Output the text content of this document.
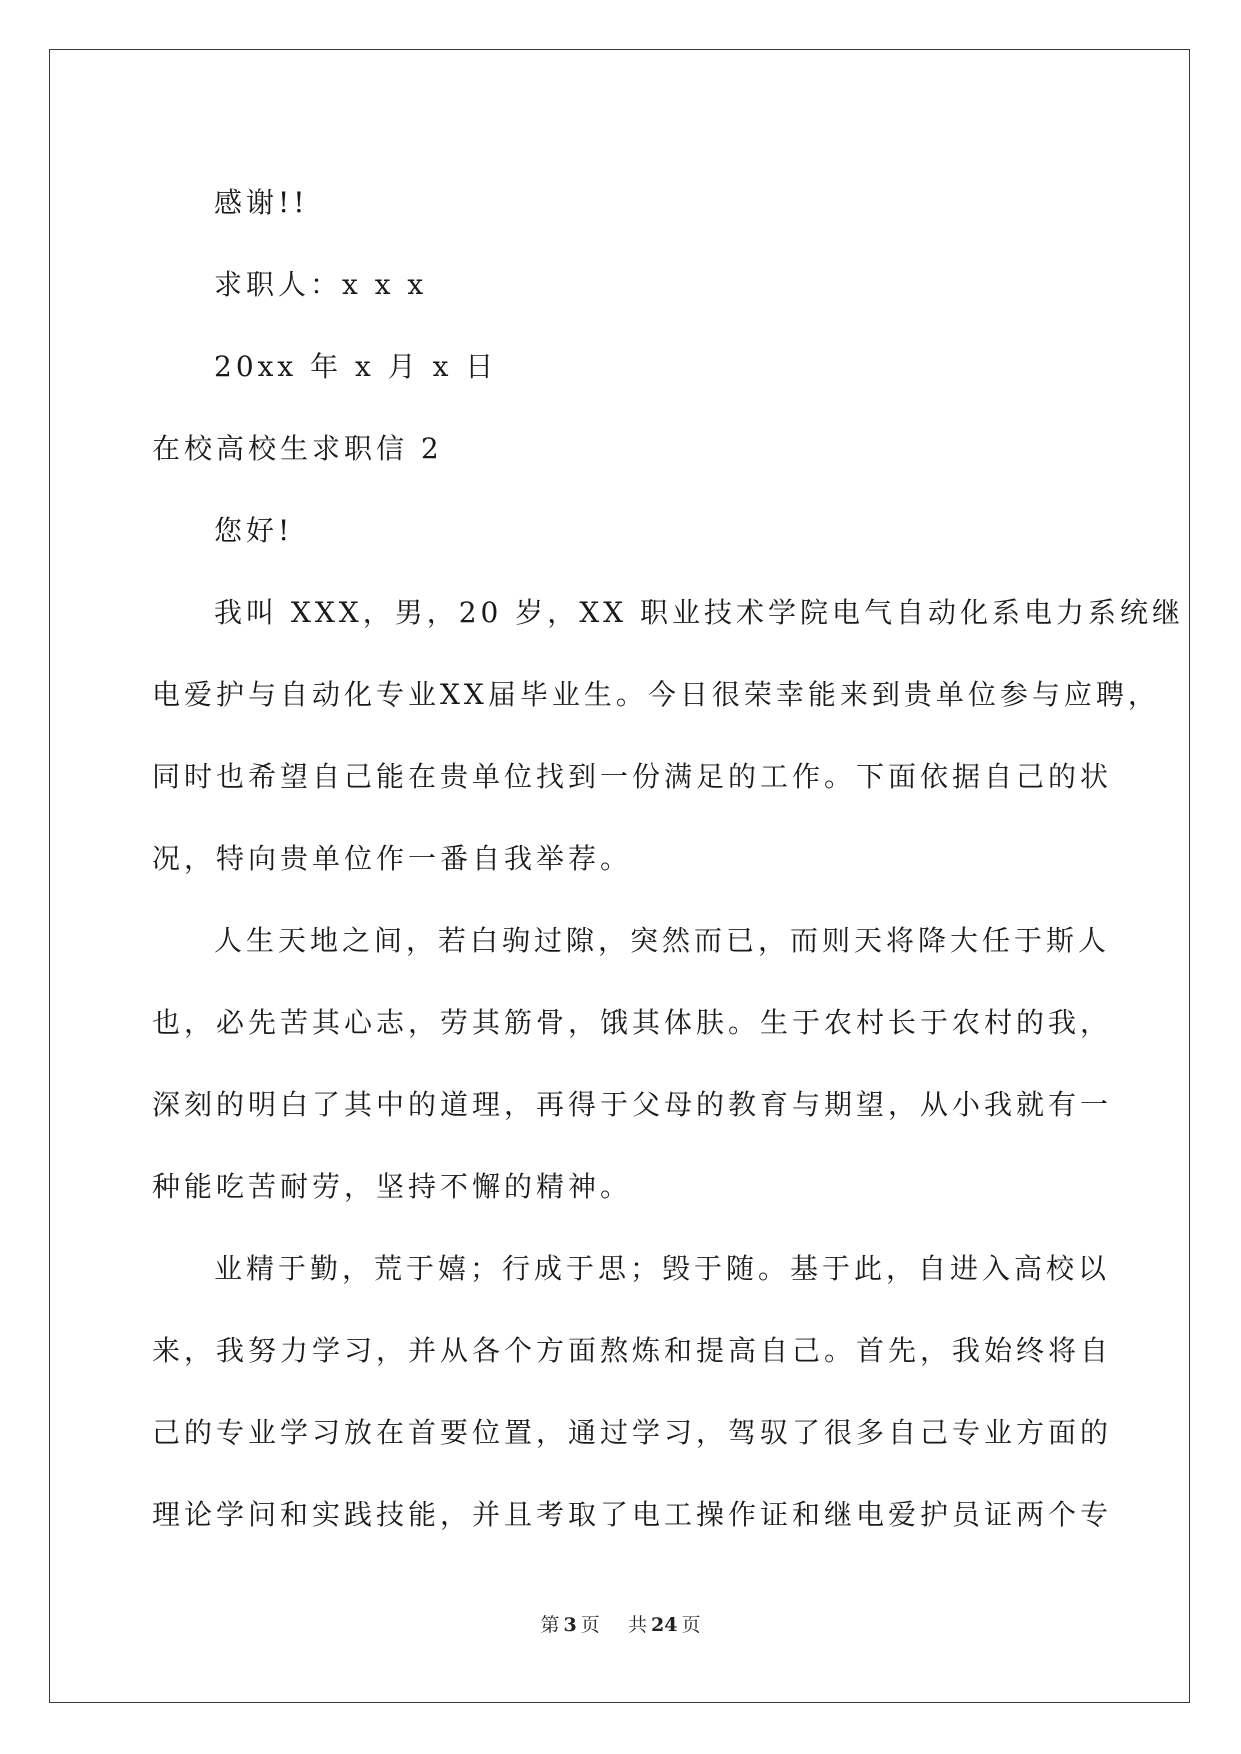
感谢!!
求职人：x x x
20xx 年 x 月 x 日
在校高校生求职信 2
您好!
我叫 XXX，男，20 岁，XX 职业技术学院电气自动化系电力系统继
电爱护与自动化专业XX届毕业生。今日很荣幸能来到贵单位参与应聘，
同时也希望自己能在贵单位找到一份满足的工作。下面依据自己的状
况，特向贵单位作一番自我举荐。
人生天地之间，若白驹过隙，突然而已，而则天将降大任于斯人
也，必先苦其心志，劳其筋骨，饿其体肤。生于农村长于农村的我，
深刻的明白了其中的道理，再得于父母的教育与期望，从小我就有一
种能吃苦耐劳，坚持不懈的精神。
业精于勤，荒于嬉；行成于思；毁于随。基于此，自进入高校以
来，我努力学习，并从各个方面熬炼和提高自己。首先，我始终将自
己的专业学习放在首要位置，通过学习，驾驭了很多自己专业方面的
理论学问和实践技能，并且考取了电工操作证和继电爱护员证两个专
第 3 页 共 24 页
